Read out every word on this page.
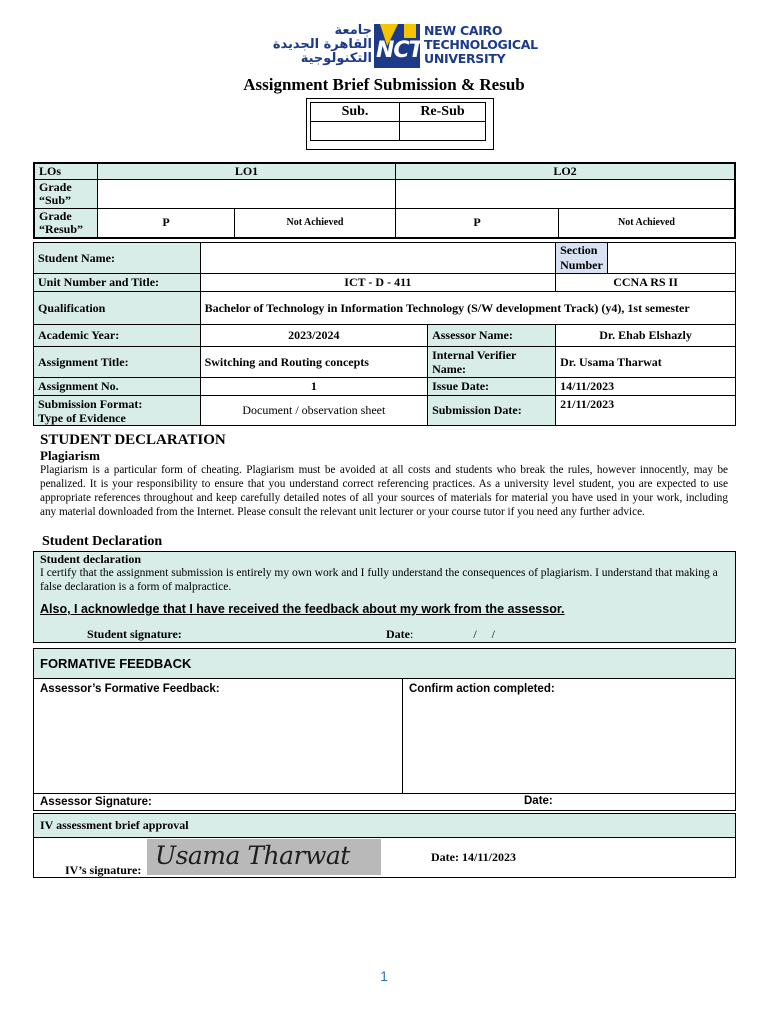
جامعة
القاهرة الجديدة
التكنولوجية NCT
NEW CAIRO
TECHNOLOGICAL
UNIVERSITY
Assignment Brief Submission & Resub
Sub.	Re-Sub

LOs	LO1		LO2	
Grade “Sub”				
Grade “Resub”	P	Not Achieved	P	Not Achieved
Student Name:			Section Number	
Unit Number and Title:	ICT - D - 411		CCNA RS II	
Qualification	Bachelor of Technology in Information Technology (S/W development Track) (y4), 1st semester			
Academic Year:	2023/2024	Assessor Name:	Dr. Ehab Elshazly	
Assignment Title:	Switching and Routing concepts	Internal Verifier Name:	Dr. Usama Tharwat	
Assignment No.	1	Issue Date:	14/11/2023	

Submission Format:
Type of Evidence	Document / observation sheet	Submission Date:	21/11/2023	
STUDENT DECLARATION
Plagiarism

Plagiarism is a particular form of cheating. Plagiarism must be avoided at all costs and students who break the rules, however innocently, may be penalized. It is your responsibility to ensure that you understand correct referencing practices. As a university level student, you are expected to use appropriate references throughout and keep carefully detailed notes of all your sources of materials for material you have used in your work, including any material downloaded from the Internet. Please consult the relevant unit lecturer or your course tutor if you need any further advice.

Student Declaration
Student declaration

I certify that the assignment submission is entirely my own work and I fully understand the consequences of plagiarism. I understand that making a false declaration is a form of malpractice.

Also, I acknowledge that I have received the feedback about my work from the assessor.
Student signature:	Date:                    /     /
FORMATIVE FEEDBACK
Assessor’s Formative Feedback:	Confirm action completed:
Assessor Signature:	Date:
IV assessment brief approval

IV’s signature: Usama Tharwat	Date: 14/11/2023
1
